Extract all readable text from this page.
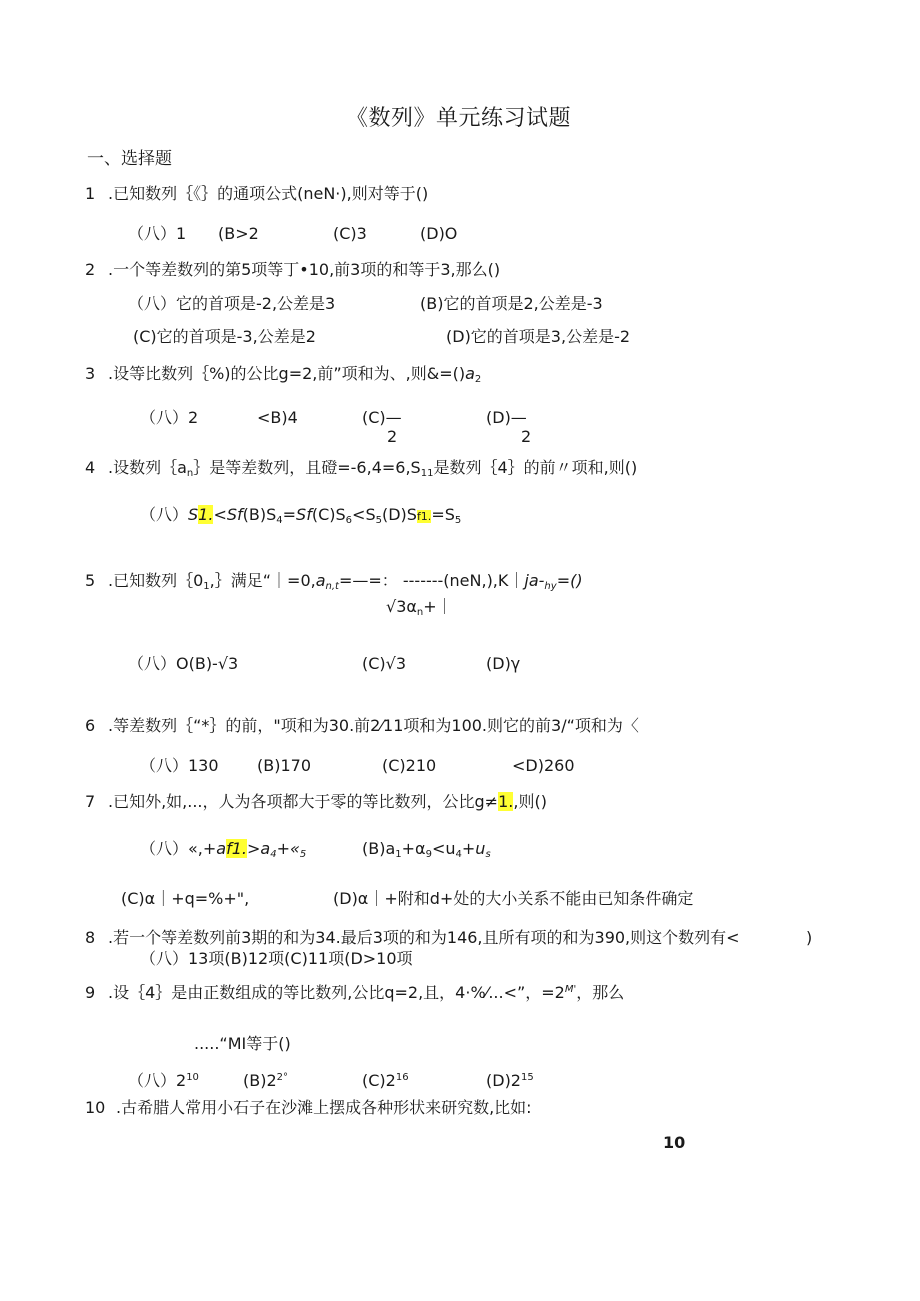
《数列》单元练习试题
一、选择题
1 .已知数列｛《｝的通项公式(neN·),则对等于()
（八）1 (B>2	(C)3	(D)O
2 .一个等差数列的第5项等丁•10,前3项的和等于3,那么()
（八）它的首项是-2,公差是3	(B)它的首项是2,公差是-3
(C)它的首项是-3,公差是2	(D)它的首项是3,公差是-2
3 .设等比数列｛%)的公比g=2,前”项和为、,则$\&=()a_2$
（八）2	<B)4	(C)—
2
(D)—
2
4 .设数列$\{a_n\}$是等差数列，且磴$=-6,4=6,S_{11}$是数列｛4｝的前〃项和,则()
（八）$S1.<Sf(B)S_4=Sf(C)S_6<S_5(D)Sf1.=S_5$
5 .已知数列$\{0_1,\}$满足“$|=0,a_{n,t}=—=$： $-------(neN,),K|ja-_{hy}=()$
$√3\alpha_n+|$
（八）O(B)-√3	(C)√3	(D)γ
6 .等差数列｛“*｝的前，"项和为30.前2⁄11项和为100.则它的前3/“项和为〈
（八）130 (B)170	(C)210	<D)260
7 .已知外,如,...，人为各项都大于零的等比数列，公比g≠1.,则()
（八）«$,+af1.>a_4+«_5$	$(B)a_1+\alpha_9<u_4+u_s$
(C)α｜+q=%+",	(D)α｜+附和d+处的大小关系不能由已知条件确定
8 .若一个等差数列前3期的和为34.最后3项的和为146,且所有项的和为390,则这个数列有<	)
（八）13项(B)12项(C)11项(D>10项
9 .设｛4｝是由正数组成的等比数列,公比q=2,且，4·%⁄...<”，$=2^{M'}$，那么
.....“MI等于()
（八）$2^{10}$	$(B)2^{2^\circ}$	$(C)2^{16}$	$(D)2^{15}$
10 .古希腊人常用小石子在沙滩上摆成各种形状来研究数,比如:
10
